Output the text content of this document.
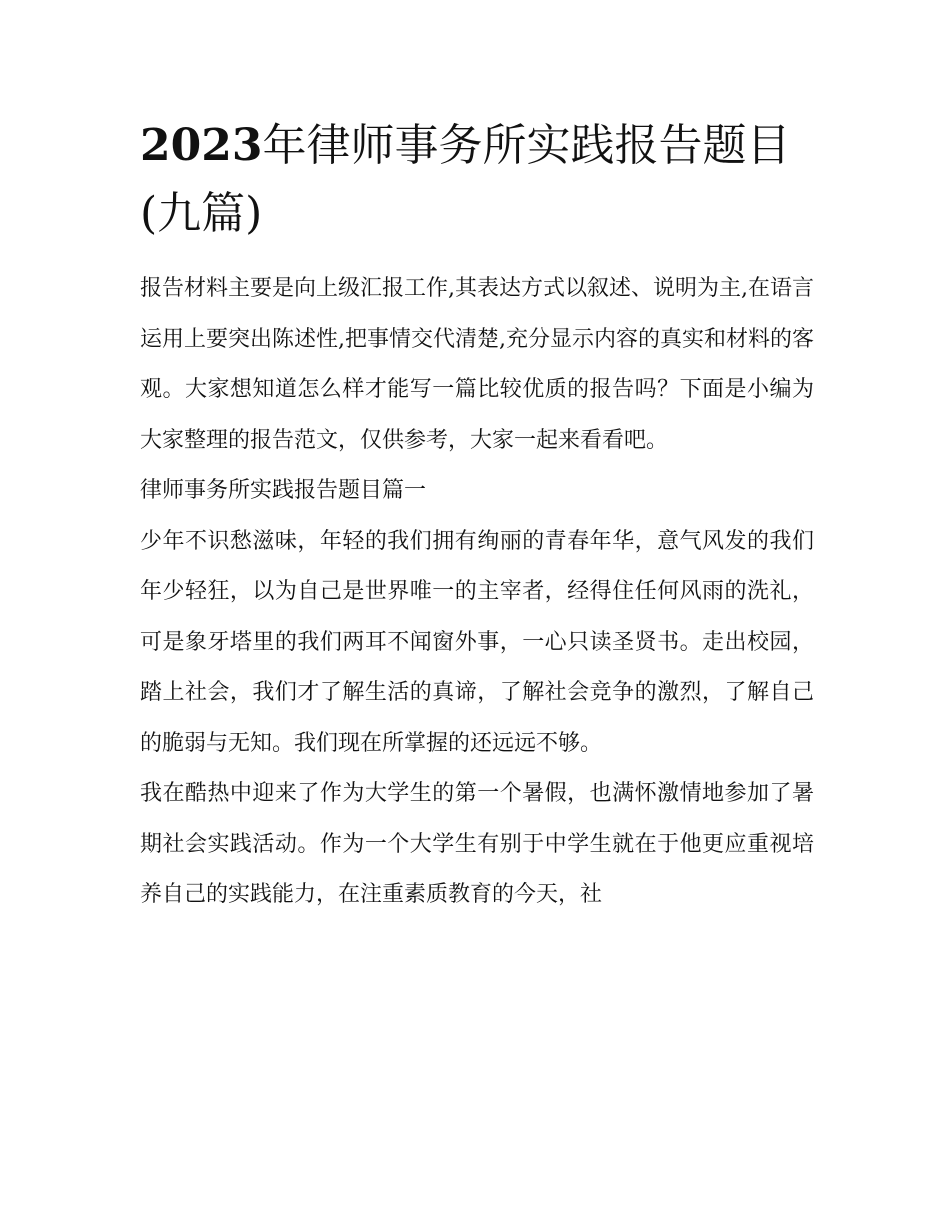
2023年律师事务所实践报告题目(九篇)

报告材料主要是向上级汇报工作,其表达方式以叙述、说明为主,在语言运用上要突出陈述性,把事情交代清楚,充分显示内容的真实和材料的客观。大家想知道怎么样才能写一篇比较优质的报告吗？下面是小编为大家整理的报告范文，仅供参考，大家一起来看看吧。

律师事务所实践报告题目篇一

少年不识愁滋味，年轻的我们拥有绚丽的青春年华，意气风发的我们年少轻狂，以为自己是世界唯一的主宰者，经得住任何风雨的洗礼，可是象牙塔里的我们两耳不闻窗外事，一心只读圣贤书。走出校园，踏上社会，我们才了解生活的真谛，了解社会竞争的激烈，了解自己的脆弱与无知。我们现在所掌握的还远远不够。

我在酷热中迎来了作为大学生的第一个暑假，也满怀激情地参加了暑期社会实践活动。作为一个大学生有别于中学生就在于他更应重视培养自己的实践能力，在注重素质教育的今天，社
